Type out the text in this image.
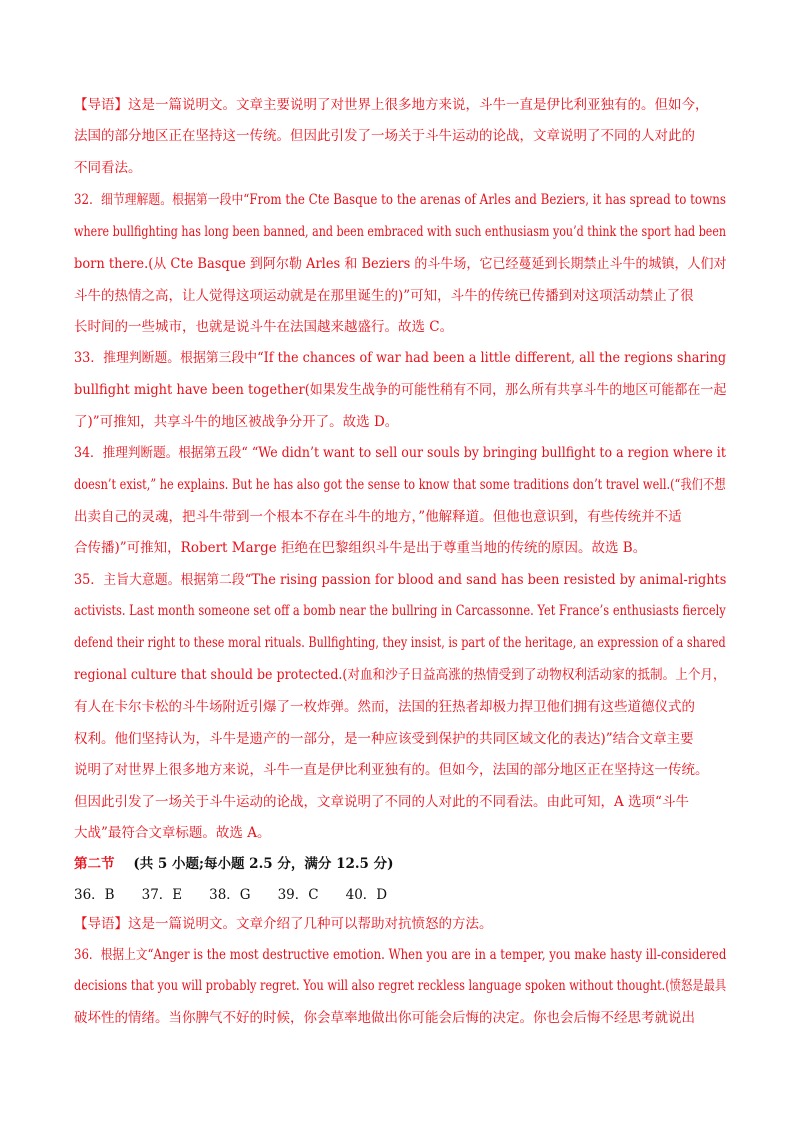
【导语】这是一篇说明文。文章主要说明了对世界上很多地方来说，斗牛一直是伊比利亚独有的。但如今，
法国的部分地区正在坚持这一传统。但因此引发了一场关于斗牛运动的论战，文章说明了不同的人对此的
不同看法。
32．细节理解题。根据第一段中“From the Cte Basque to the arenas of Arles and Beziers, it has spread to towns
where bullfighting has long been banned, and been embraced with such enthusiasm you’d think the sport had been
born there.(从 Cte Basque 到阿尔勒 Arles 和 Beziers 的斗牛场，它已经蔓延到长期禁止斗牛的城镇，人们对
斗牛的热情之高，让人觉得这项运动就是在那里诞生的)”可知，斗牛的传统已传播到对这项活动禁止了很
长时间的一些城市，也就是说斗牛在法国越来越盛行。故选 C。
33．推理判断题。根据第三段中“If the chances of war had been a little different, all the regions sharing
bullfight might have been together(如果发生战争的可能性稍有不同，那么所有共享斗牛的地区可能都在一起
了)”可推知，共享斗牛的地区被战争分开了。故选 D。
34．推理判断题。根据第五段“ “We didn’t want to sell our souls by bringing bullfight to a region where it
doesn’t exist,” he explains. But he has also got the sense to know that some traditions don’t travel well.(“我们不想
出卖自己的灵魂，把斗牛带到一个根本不存在斗牛的地方，”他解释道。但他也意识到，有些传统并不适
合传播)”可推知，Robert Marge 拒绝在巴黎组织斗牛是出于尊重当地的传统的原因。故选 B。
35．主旨大意题。根据第二段“The rising passion for blood and sand has been resisted by animal-rights
activists. Last month someone set off a bomb near the bullring in Carcassonne. Yet France’s enthusiasts fiercely
defend their right to these moral rituals. Bullfighting, they insist, is part of the heritage, an expression of a shared
regional culture that should be protected.(对血和沙子日益高涨的热情受到了动物权利活动家的抵制。上个月，
有人在卡尔卡松的斗牛场附近引爆了一枚炸弹。然而，法国的狂热者却极力捍卫他们拥有这些道德仪式的
权利。他们坚持认为，斗牛是遗产的一部分，是一种应该受到保护的共同区域文化的表达)”结合文章主要
说明了对世界上很多地方来说，斗牛一直是伊比利亚独有的。但如今，法国的部分地区正在坚持这一传统。
但因此引发了一场关于斗牛运动的论战，文章说明了不同的人对此的不同看法。由此可知，A 选项“斗牛
大战”最符合文章标题。故选 A。
第二节 (共 5 小题;每小题 2.5 分，满分 12.5 分)
36．B　　37．E　　38．G　　39．C　　40．D
【导语】这是一篇说明文。文章介绍了几种可以帮助对抗愤怒的方法。
36．根据上文“Anger is the most destructive emotion. When you are in a temper, you make hasty ill-considered
decisions that you will probably regret. You will also regret reckless language spoken without thought.(愤怒是最具
破坏性的情绪。当你脾气不好的时候，你会草率地做出你可能会后悔的决定。你也会后悔不经思考就说出
